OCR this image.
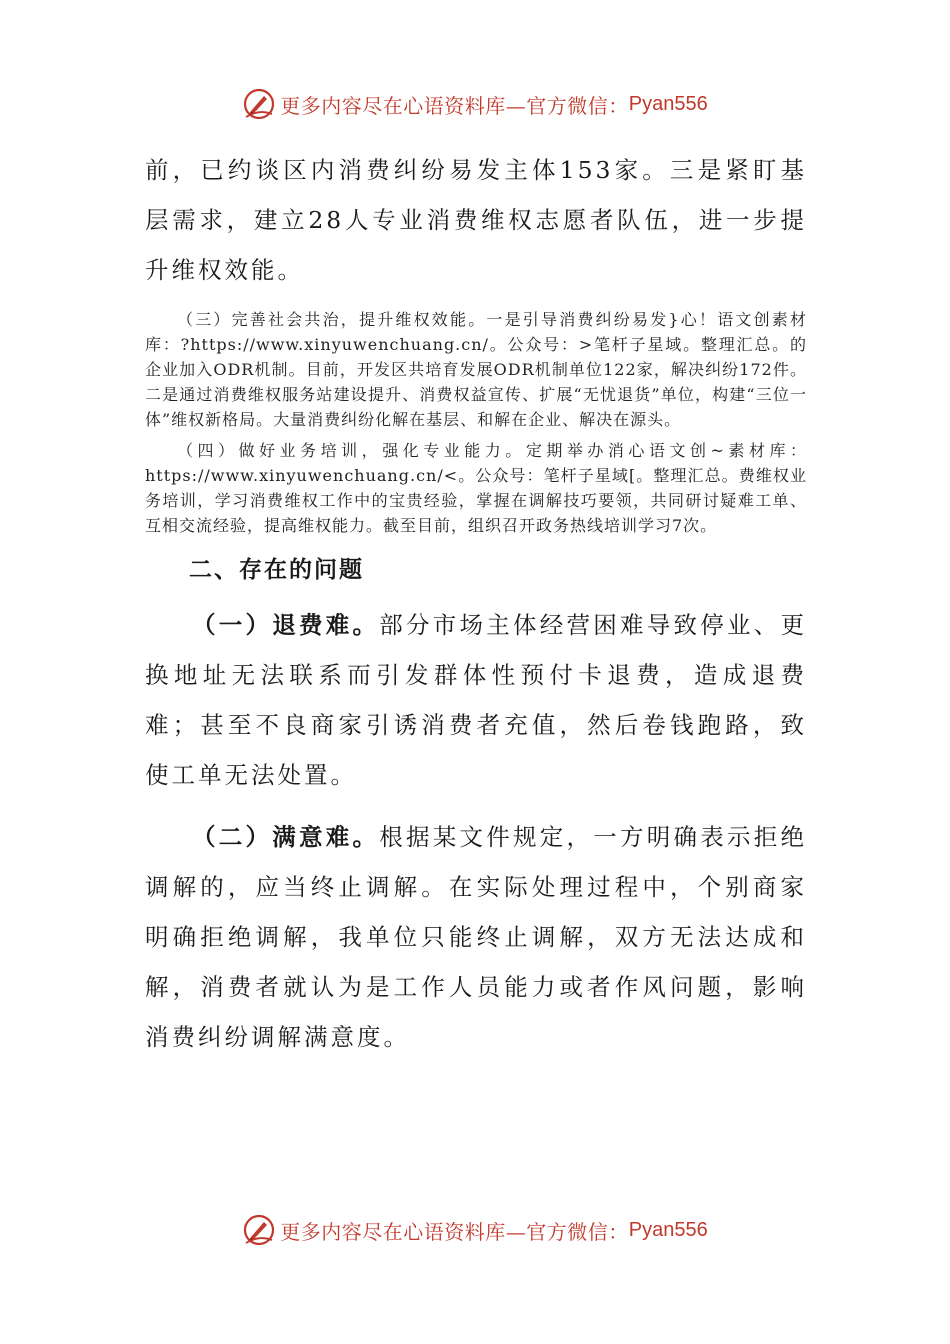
更多内容尽在心语资料库—官方微信： Pyan556

前，已约谈区内消费纠纷易发主体153家。三是紧盯基层需求，建立28人专业消费维权志愿者队伍，进一步提升维权效能。

（三）完善社会共治，提升维权效能。一是引导消费纠纷易发}心！语文创素材库：?https://www.xinyuwenchuang.cn/。公众号：>笔杆子星域。整理汇总。的企业加入ODR机制。目前，开发区共培育发展ODR机制单位122家，解决纠纷172件。二是通过消费维权服务站建设提升、消费权益宣传、扩展“无忧退货”单位，构建“三位一体”维权新格局。大量消费纠纷化解在基层、和解在企业、解决在源头。

（四）做好业务培训，强化专业能力。定期举办消心语文创~素材库：https://www.xinyuwenchuang.cn/<。公众号：笔杆子星域[。整理汇总。费维权业务培训，学习消费维权工作中的宝贵经验，掌握在调解技巧要领，共同研讨疑难工单、互相交流经验，提高维权能力。截至目前，组织召开政务热线培训学习7次。

二、存在的问题

（一）退费难。部分市场主体经营困难导致停业、更换地址无法联系而引发群体性预付卡退费，造成退费难；甚至不良商家引诱消费者充值，然后卷钱跑路，致使工单无法处置。

（二）满意难。根据某文件规定，一方明确表示拒绝调解的，应当终止调解。在实际处理过程中，个别商家明确拒绝调解，我单位只能终止调解，双方无法达成和解，消费者就认为是工作人员能力或者作风问题，影响消费纠纷调解满意度。

更多内容尽在心语资料库—官方微信： Pyan556
